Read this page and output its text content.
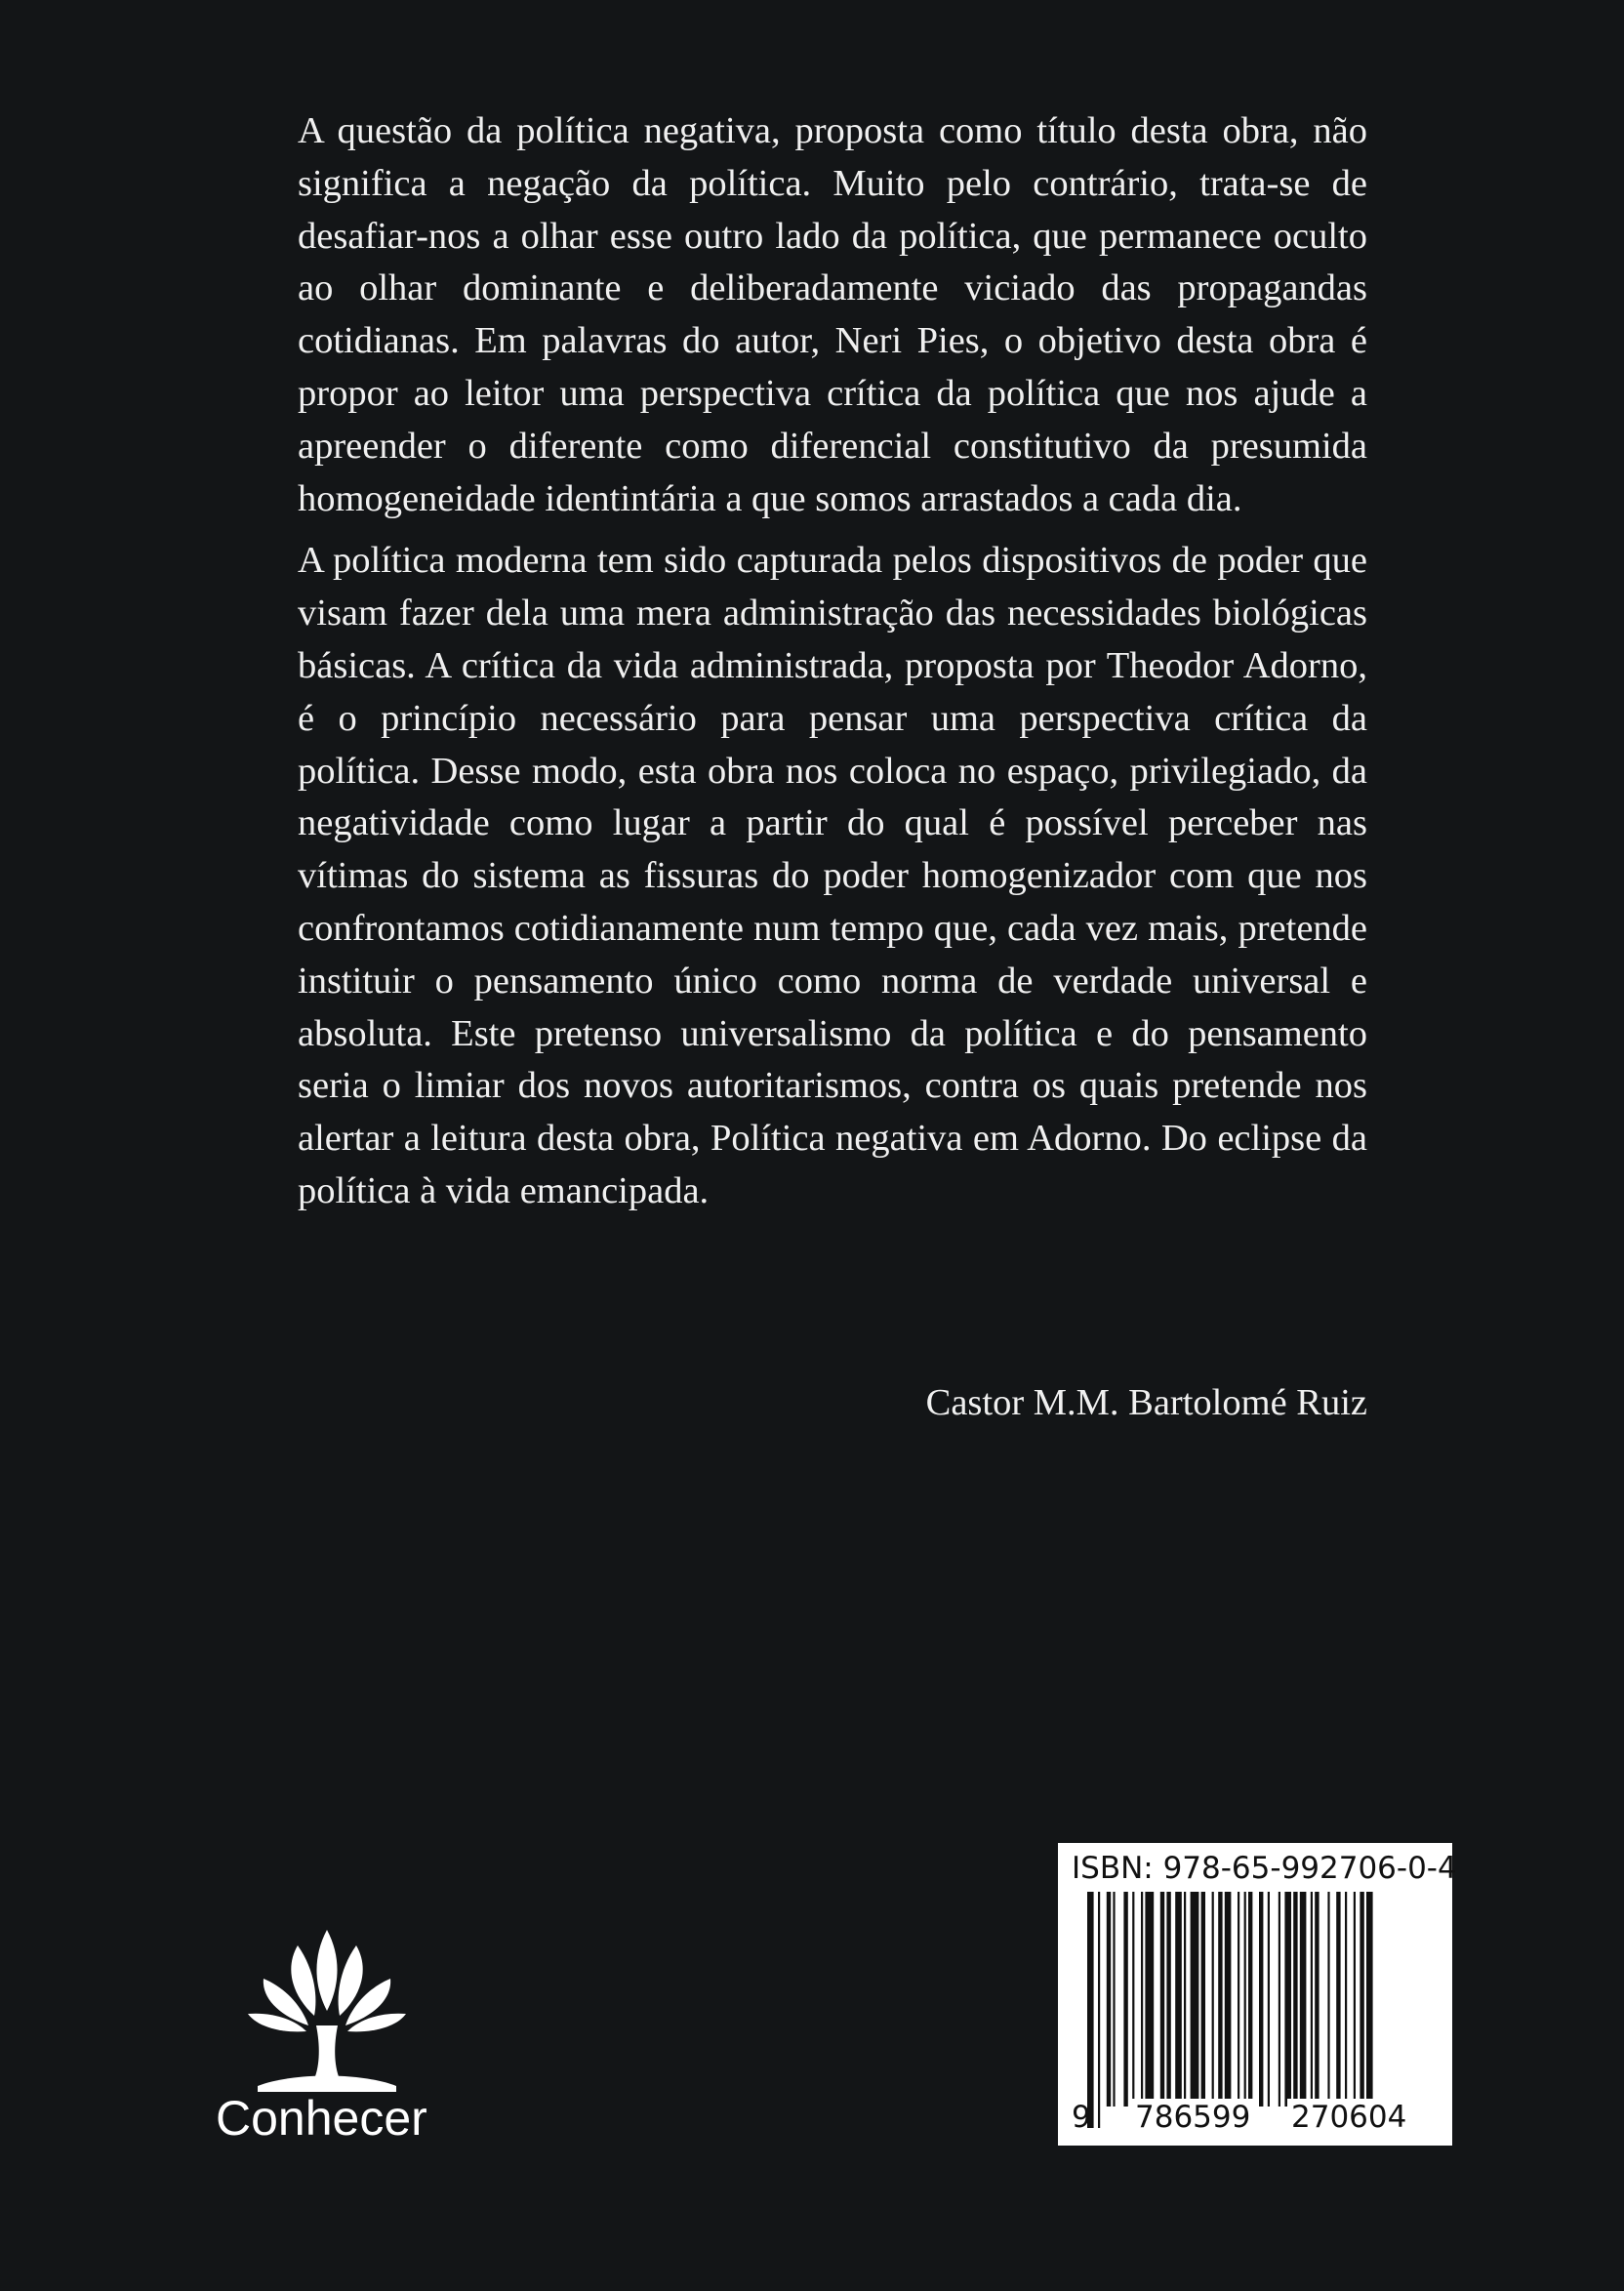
A questão da política negativa, proposta como título desta obra, não significa a negação da política. Muito pelo contrário, trata-se de desafiar-nos a olhar esse outro lado da política, que permanece oculto ao olhar dominante e deliberadamente viciado das propagandas cotidianas. Em palavras do autor, Neri Pies, o objetivo desta obra é propor ao leitor uma perspectiva crítica da política que nos ajude a apreender o diferente como diferencial constitutivo da presumida homogeneidade identintária a que somos arrastados a cada dia.

A política moderna tem sido capturada pelos dispositivos de poder que visam fazer dela uma mera administração das necessidades biológicas básicas. A crítica da vida administrada, proposta por Theodor Adorno, é o princípio necessário para pensar uma perspectiva crítica da política. Desse modo, esta obra nos coloca no espaço, privilegiado, da negatividade como lugar a partir do qual é possível perceber nas vítimas do sistema as fissuras do poder homogenizador com que nos confrontamos cotidianamente num tempo que, cada vez mais, pretende instituir o pensamento único como norma de verdade universal e absoluta. Este pretenso universalismo da política e do pensamento seria o limiar dos novos autoritarismos, contra os quais pretende nos alertar a leitura desta obra, Política negativa em Adorno. Do eclipse da política à vida emancipada.

Castor M.M. Bartolomé Ruiz
Conhecer
ISBN: 978-65-992706-0-4
9 786599 270604
